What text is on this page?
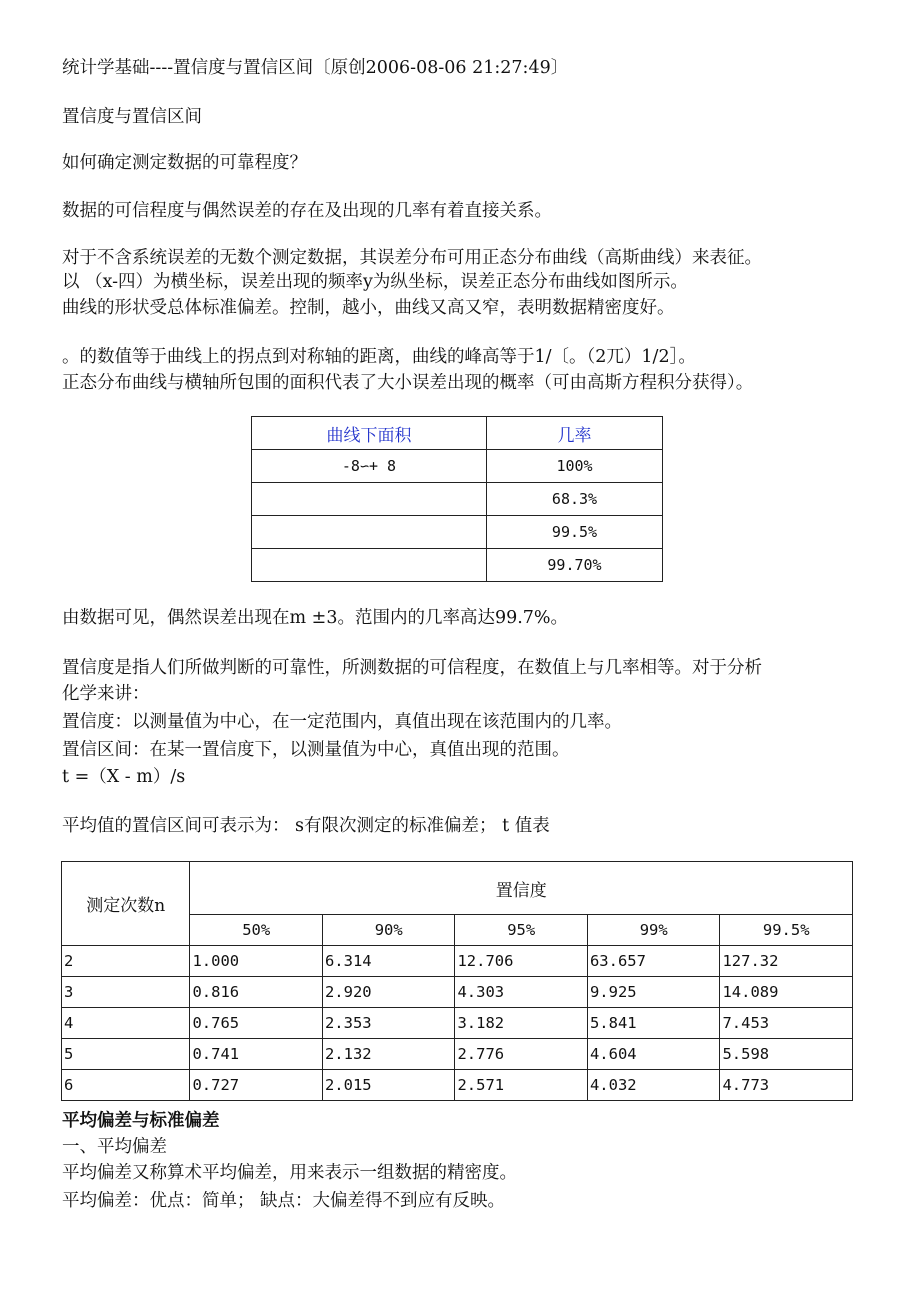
统计学基础----置信度与置信区间〔原创2006-08-06 21:27:49〕
置信度与置信区间
如何确定测定数据的可靠程度？
数据的可信程度与偶然误差的存在及出现的几率有着直接关系。
对于不含系统误差的无数个测定数据，其误差分布可用正态分布曲线（高斯曲线）来表征。
以 （x-四）为横坐标，误差出现的频率y为纵坐标，误差正态分布曲线如图所示。
曲线的形状受总体标准偏差。控制，越小，曲线又高又窄，表明数据精密度好。
。的数值等于曲线上的拐点到对称轴的距离，曲线的峰高等于1/〔。（2兀）1/2］。
正态分布曲线与横轴所包围的面积代表了大小误差出现的概率（可由高斯方程积分获得）。
曲线下面积	几率
-8∽+ 8	100%
	68.3%
	99.5%
	99.70%
由数据可见，偶然误差出现在m ±3。范围内的几率高达99.7%。
置信度是指人们所做判断的可靠性，所测数据的可信程度，在数值上与几率相等。对于分析
化学来讲：
置信度：以测量值为中心，在一定范围内，真值出现在该范围内的几率。
置信区间：在某一置信度下，以测量值为中心，真值出现的范围。
t =（X - m）/s
平均值的置信区间可表示为： s有限次测定的标准偏差； t 值表
测定次数n	置信度				
	50%	90%	95%	99%	99.5%
2	1.000	6.314	12.706	63.657	127.32
3	0.816	2.920	4.303	9.925	14.089
4	0.765	2.353	3.182	5.841	7.453
5	0.741	2.132	2.776	4.604	5.598
6	0.727	2.015	2.571	4.032	4.773
平均偏差与标准偏差
一、平均偏差
平均偏差又称算术平均偏差，用来表示一组数据的精密度。
平均偏差：优点：简单； 缺点：大偏差得不到应有反映。
